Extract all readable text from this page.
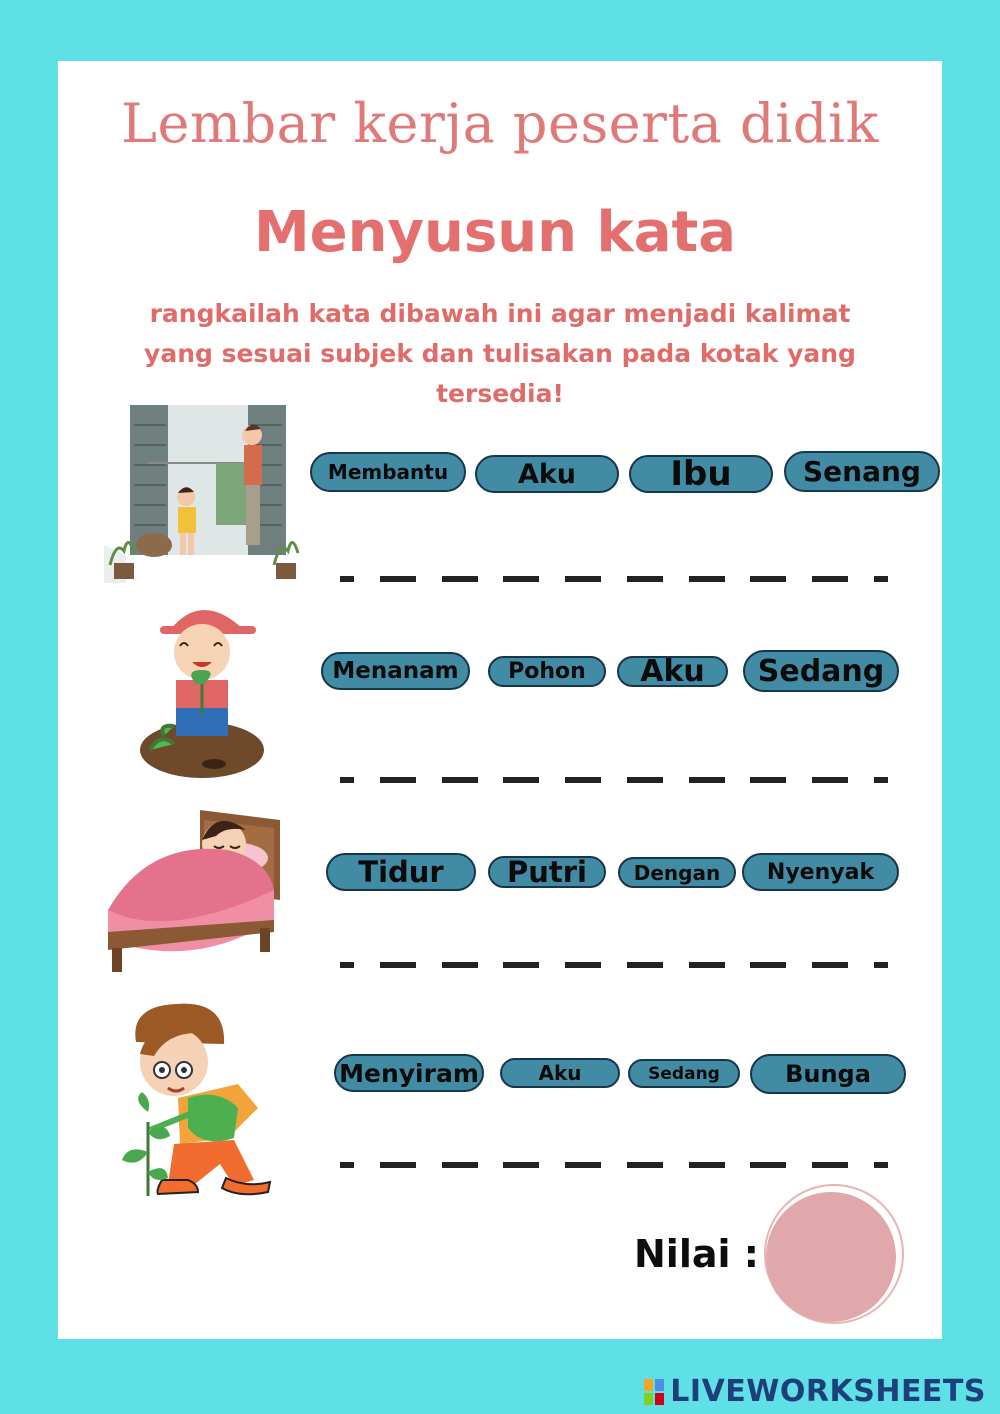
Lembar kerja peserta didik
Menyusun kata
rangkailah kata dibawah ini agar menjadi kalimat yang sesuai subjek dan tulisakan pada kotak yang tersedia!
Membantu	Aku	Ibu	Senang
Menanam	Pohon	Aku	Sedang
Tidur	Putri	Dengan	Nyenyak
Menyiram	Aku	Sedang	Bunga
Nilai :
LIVEWORKSHEETS
